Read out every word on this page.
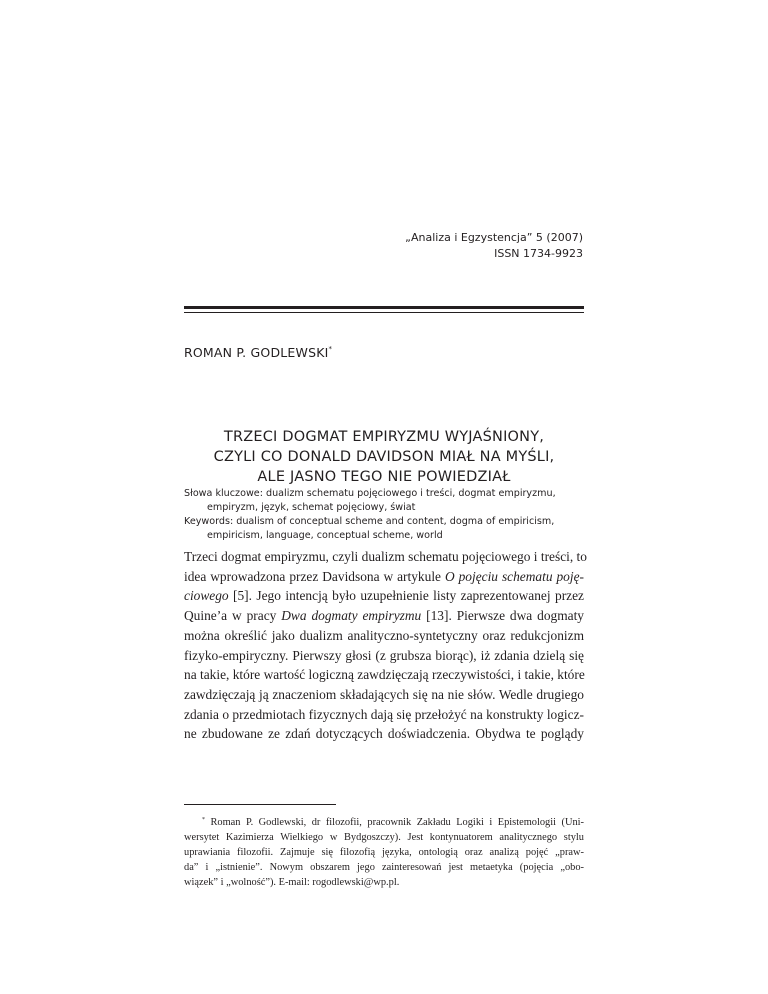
„Analiza i Egzystencja” 5 (2007)
ISSN 1734-9923
ROMAN P. GODLEWSKI*
TRZECI DOGMAT EMPIRYZMU WYJAŚNIONY,
CZYLI CO DONALD DAVIDSON MIAŁ NA MYŚLI,
ALE JASNO TEGO NIE POWIEDZIAŁ
Słowa kluczowe: dualizm schematu pojęciowego i treści, dogmat empiryzmu,
empiryzm, język, schemat pojęciowy, świat
Keywords: dualism of conceptual scheme and content, dogma of empiricism,
empiricism, language, conceptual scheme, world
Trzeci dogmat empiryzmu, czyli dualizm schematu pojęciowego i treści, to
idea wprowadzona przez Davidsona w artykule O pojęciu schematu poję-
ciowego [5]. Jego intencją było uzupełnienie listy zaprezentowanej przez
Quine’a w pracy Dwa dogmaty empiryzmu [13]. Pierwsze dwa dogmaty
można określić jako dualizm analityczno-syntetyczny oraz redukcjonizm
fizyko-empiryczny. Pierwszy głosi (z grubsza biorąc), iż zdania dzielą się
na takie, które wartość logiczną zawdzięczają rzeczywistości, i takie, które
zawdzięczają ją znaczeniom składających się na nie słów. Wedle drugiego
zdania o przedmiotach fizycznych dają się przełożyć na konstrukty logicz-
ne zbudowane ze zdań dotyczących doświadczenia. Obydwa te poglądy
* Roman P. Godlewski, dr filozofii, pracownik Zakładu Logiki i Epistemologii (Uni-
wersytet Kazimierza Wielkiego w Bydgoszczy). Jest kontynuatorem analitycznego stylu
uprawiania filozofii. Zajmuje się filozofią języka, ontologią oraz analizą pojęć „praw-
da” i „istnienie”. Nowym obszarem jego zainteresowań jest metaetyka (pojęcia „obo-
wiązek” i „wolność”). E-mail: rogodlewski@wp.pl.
